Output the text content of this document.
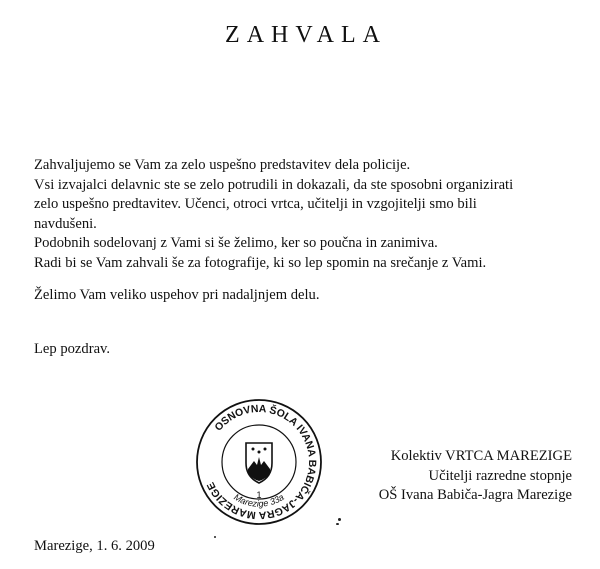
ZAHVALA
Zahvaljujemo se Vam za zelo uspešno predstavitev dela policije.
Vsi izvajalci delavnic ste se zelo potrudili in dokazali, da ste sposobni organizirati
zelo uspešno predtavitev. Učenci, otroci vrtca, učitelji in vzgojitelji smo bili
navdušeni.
Podobnih sodelovanj z Vami si še želimo, ker so poučna in zanimiva.
Radi bi se Vam zahvali še za fotografije, ki so lep spomin na srečanje z Vami.
Želimo Vam veliko uspehov pri nadaljnjem delu.
Lep pozdrav.
OSNOVNA ŠOLA IVANA BABIČA-JAGRA MAREZIGE
Marezige 33a
1
Kolektiv VRTCA MAREZIGE
Učitelji razredne stopnje
OŠ Ivana Babiča-Jagra Marezige
Marezige, 1. 6. 2009
